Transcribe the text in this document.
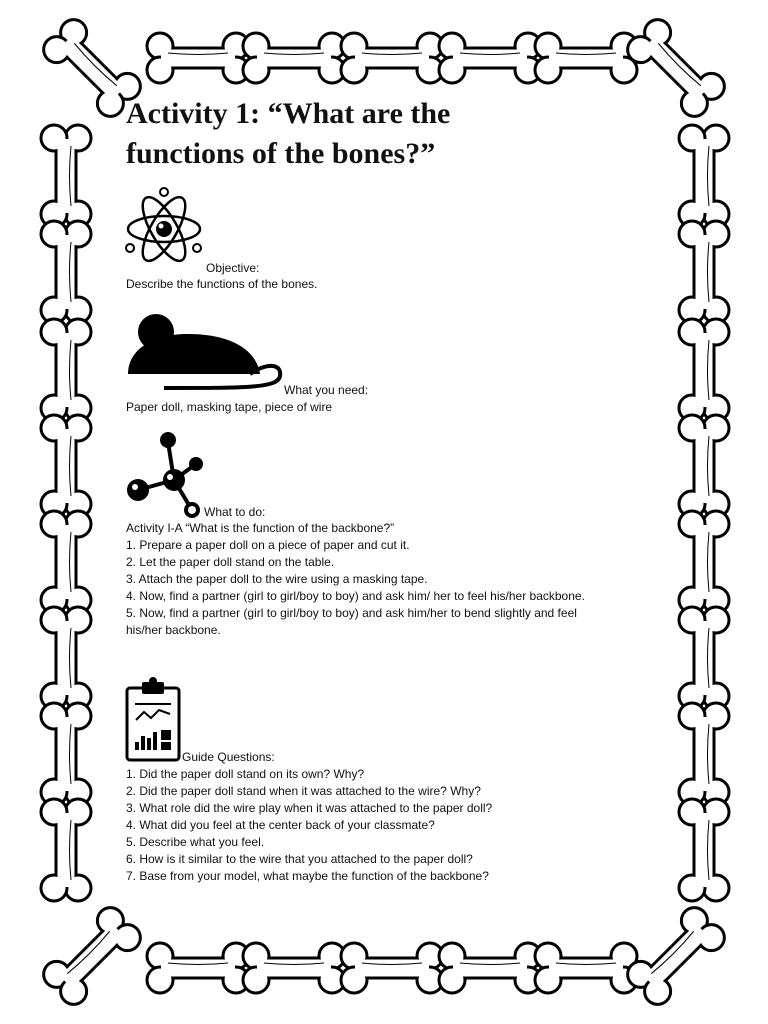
Activity 1: “What are the
functions of the bones?”
Objective:
Describe the functions of the bones.
What you need:
Paper doll, masking tape, piece of wire
What to do:
Activity I-A “What is the function of the backbone?”
1. Prepare a paper doll on a piece of paper and cut it.
2. Let the paper doll stand on the table.
3. Attach the paper doll to the wire using a masking tape.
4. Now, find a partner (girl to girl/boy to boy) and ask him/ her to feel his/her backbone.
5. Now, find a partner (girl to girl/boy to boy) and ask him/her to bend slightly and feel his/her backbone.
Guide Questions:
1. Did the paper doll stand on its own? Why?
2. Did the paper doll stand when it was attached to the wire? Why?
3. What role did the wire play when it was attached to the paper doll?
4. What did you feel at the center back of your classmate?
5. Describe what you feel.
6. How is it similar to the wire that you attached to the paper doll?
7. Base from your model, what maybe the function of the backbone?
